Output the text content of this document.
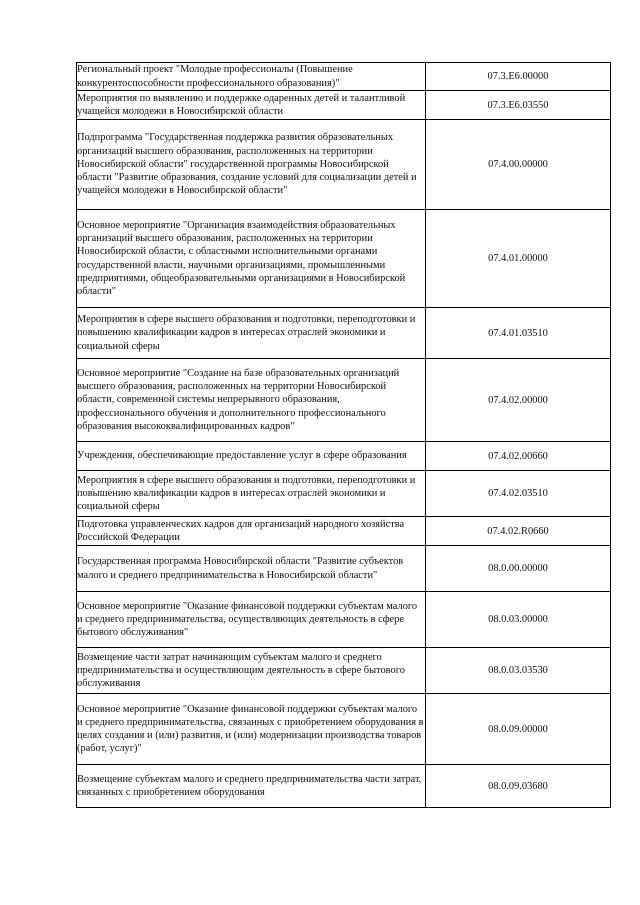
Региональный проект "Молодые профессионалы (Повышение конкурентоспособности профессионального образования)"	07.3.E6.00000
Мероприятия по выявлению и поддержке одаренных детей и талантливой учащейся молодежи в Новосибирской области	07.3.E6.03550
Подпрограмма "Государственная поддержка развития образовательных организаций высшего образования, расположенных на территории Новосибирской области" государственной программы Новосибирской области "Развитие образования, создание условий для социализации детей и учащейся молодежи в Новосибирской области"	07.4.00.00000
Основное мероприятие "Организация взаимодействия образовательных организаций высшего образования, расположенных на территории Новосибирской области, с областными исполнительными органами государственной власти, научными организациями, промышленными предприятиями, общеобразовательными организациями в Новосибирской области"	07.4.01.00000
Мероприятия в сфере высшего образования и подготовки, переподготовки и повышению квалификации кадров в интересах отраслей экономики и социальной сферы	07.4.01.03510
Основное мероприятие "Создание на базе образовательных организаций высшего образования, расположенных на территории Новосибирской области, современной системы непрерывного образования, профессионального обучения и дополнительного профессионального образования высококвалифицированных кадров"	07.4.02.00000
Учреждения, обеспечивающие предоставление услуг в сфере образования	07.4.02.00660
Мероприятия в сфере высшего образования и подготовки, переподготовки и повышению квалификации кадров в интересах отраслей экономики и социальной сферы	07.4.02.03510
Подготовка управленческих кадров для организаций народного хозяйства Российской Федерации	07.4.02.R0660
Государственная программа Новосибирской области "Развитие субъектов малого и среднего предпринимательства в Новосибирской области"	08.0.00.00000
Основное мероприятие "Оказание финансовой поддержки субъектам малого и среднего предпринимательства, осуществляющих деятельность в сфере бытового обслуживания"	08.0.03.00000
Возмещение части затрат начинающим субъектам малого и среднего предпринимательства и осуществляющим деятельность в сфере бытового обслуживания	08.0.03.03530
Основное мероприятие "Оказание финансовой поддержки субъектам малого и среднего предпринимательства, связанных с приобретением оборудования в целях создания и (или) развития, и (или) модернизации производства товаров (работ, услуг)"	08.0.09.00000
Возмещение субъектам малого и среднего предпринимательства части затрат, связанных с приобретением оборудования	08.0.09.03680
